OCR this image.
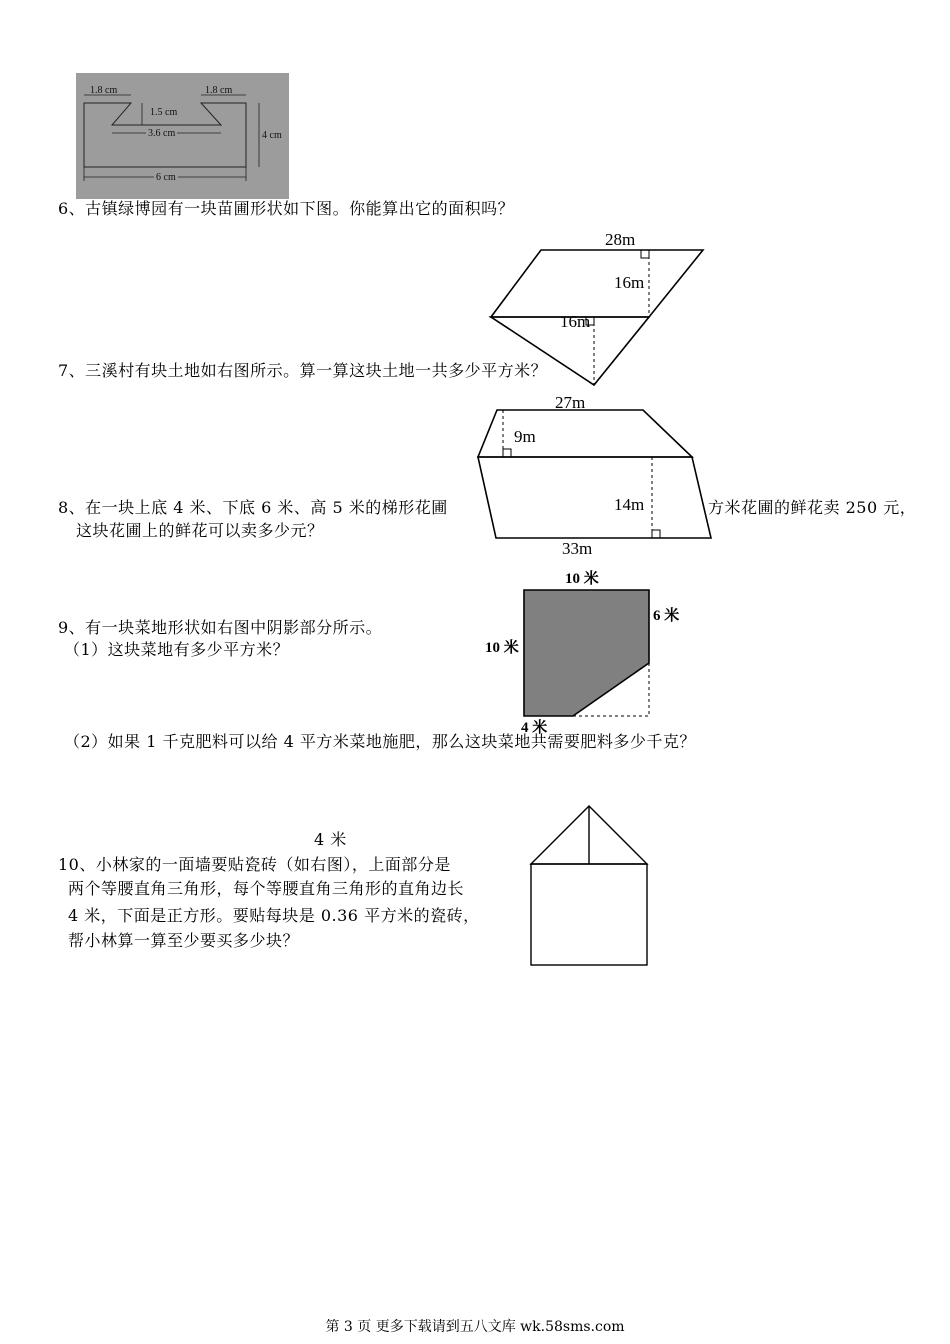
1.8 cm	1.8 cm
1.5 cm
3.6 cm	4 cm
6 cm
6、古镇绿博园有一块苗圃形状如下图。你能算出它的面积吗？
28m
16m
16m
7、三溪村有块土地如右图所示。算一算这块土地一共多少平方米？
27m
9m
14m
33m
8、在一块上底 4 米、下底 6 米、高 5 米的梯形花圃	方米花圃的鲜花卖 250 元，
这块花圃上的鲜花可以卖多少元？
9、有一块菜地形状如右图中阴影部分所示。
（1）这块菜地有多少平方米？
10 米
6 米
10 米
4 米
（2）如果 1 千克肥料可以给 4 平方米菜地施肥，那么这块菜地共需要肥料多少千克？
4 米
10、小林家的一面墙要贴瓷砖（如右图），上面部分是
两个等腰直角三角形，每个等腰直角三角形的直角边长
4 米，下面是正方形。要贴每块是 0.36 平方米的瓷砖，
帮小林算一算至少要买多少块？
第 3 页 更多下载请到五八文库 wk.58sms.com
